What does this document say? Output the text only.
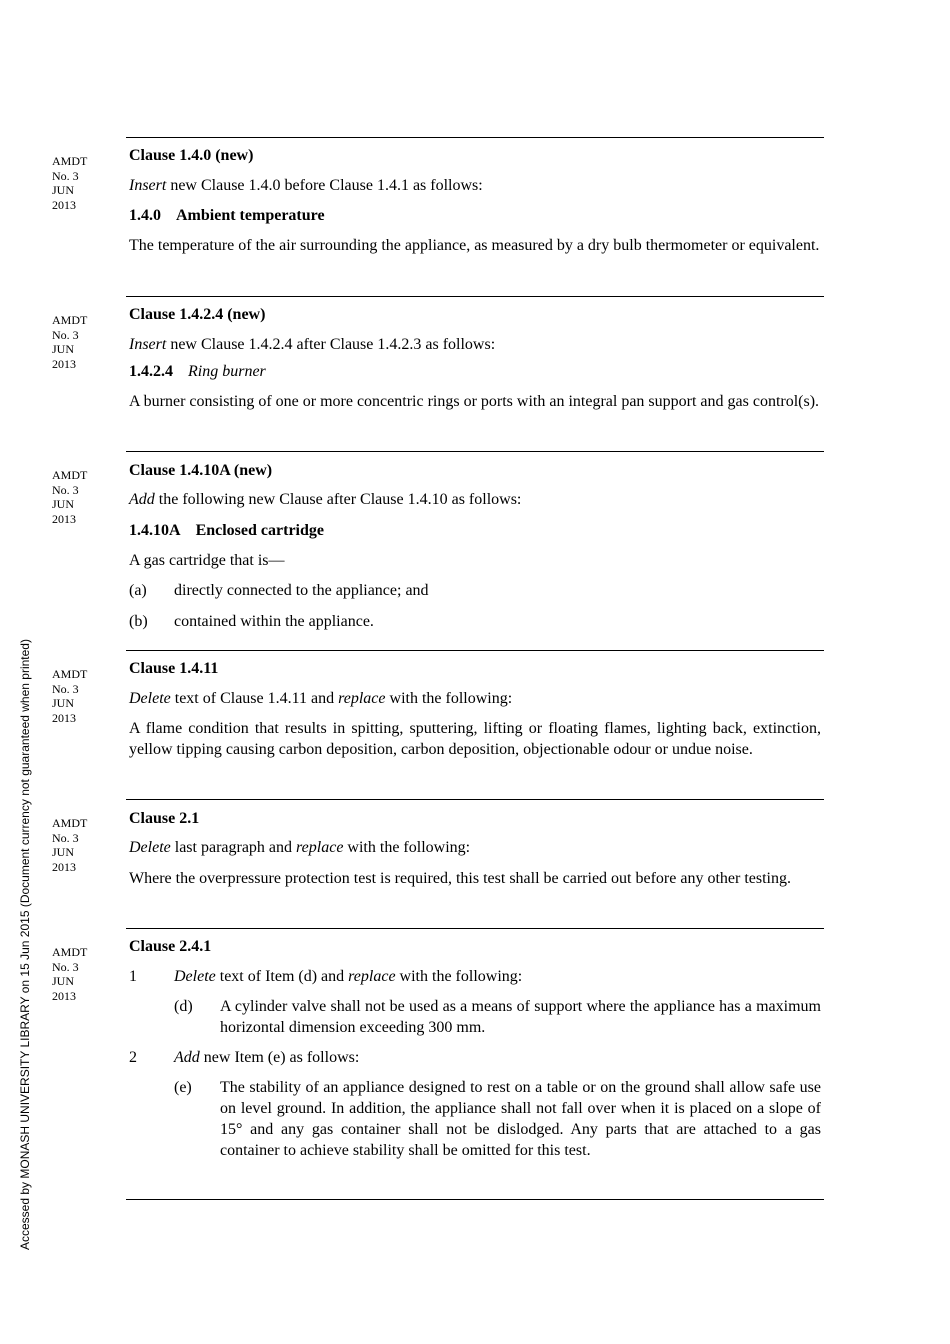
Accessed by MONASH UNIVERSITY LIBRARY on 15 Jun 2015 (Document currency not guaranteed when printed)
AMDT
No. 3
JUN
2013
AMDT
No. 3
JUN
2013
AMDT
No. 3
JUN
2013
AMDT
No. 3
JUN
2013
AMDT
No. 3
JUN
2013
AMDT
No. 3
JUN
2013
Clause 1.4.0 (new)
Insert new Clause 1.4.0 before Clause 1.4.1 as follows:
1.4.0 Ambient temperature
The temperature of the air surrounding the appliance, as measured by a dry bulb thermometer or equivalent.
Clause 1.4.2.4 (new)
Insert new Clause 1.4.2.4 after Clause 1.4.2.3 as follows:
1.4.2.4 Ring burner
A burner consisting of one or more concentric rings or ports with an integral pan support and gas control(s).
Clause 1.4.10A (new)
Add the following new Clause after Clause 1.4.10 as follows:
1.4.10A Enclosed cartridge
A gas cartridge that is—
(a) directly connected to the appliance; and
(b) contained within the appliance.
Clause 1.4.11
Delete text of Clause 1.4.11 and replace with the following:
A flame condition that results in spitting, sputtering, lifting or floating flames, lighting back, extinction, yellow tipping causing carbon deposition, carbon deposition, objectionable odour or undue noise.
Clause 2.1
Delete last paragraph and replace with the following:
Where the overpressure protection test is required, this test shall be carried out before any other testing.
Clause 2.4.1
1 Delete text of Item (d) and replace with the following:
(d)	A cylinder valve shall not be used as a means of support where the appliance has a maximum horizontal dimension exceeding 300 mm.
2 Add new Item (e) as follows:
(e)	The stability of an appliance designed to rest on a table or on the ground shall allow safe use on level ground. In addition, the appliance shall not fall over when it is placed on a slope of 15° and any gas container shall not be dislodged. Any parts that are attached to a gas container to achieve stability shall be omitted for this test.
